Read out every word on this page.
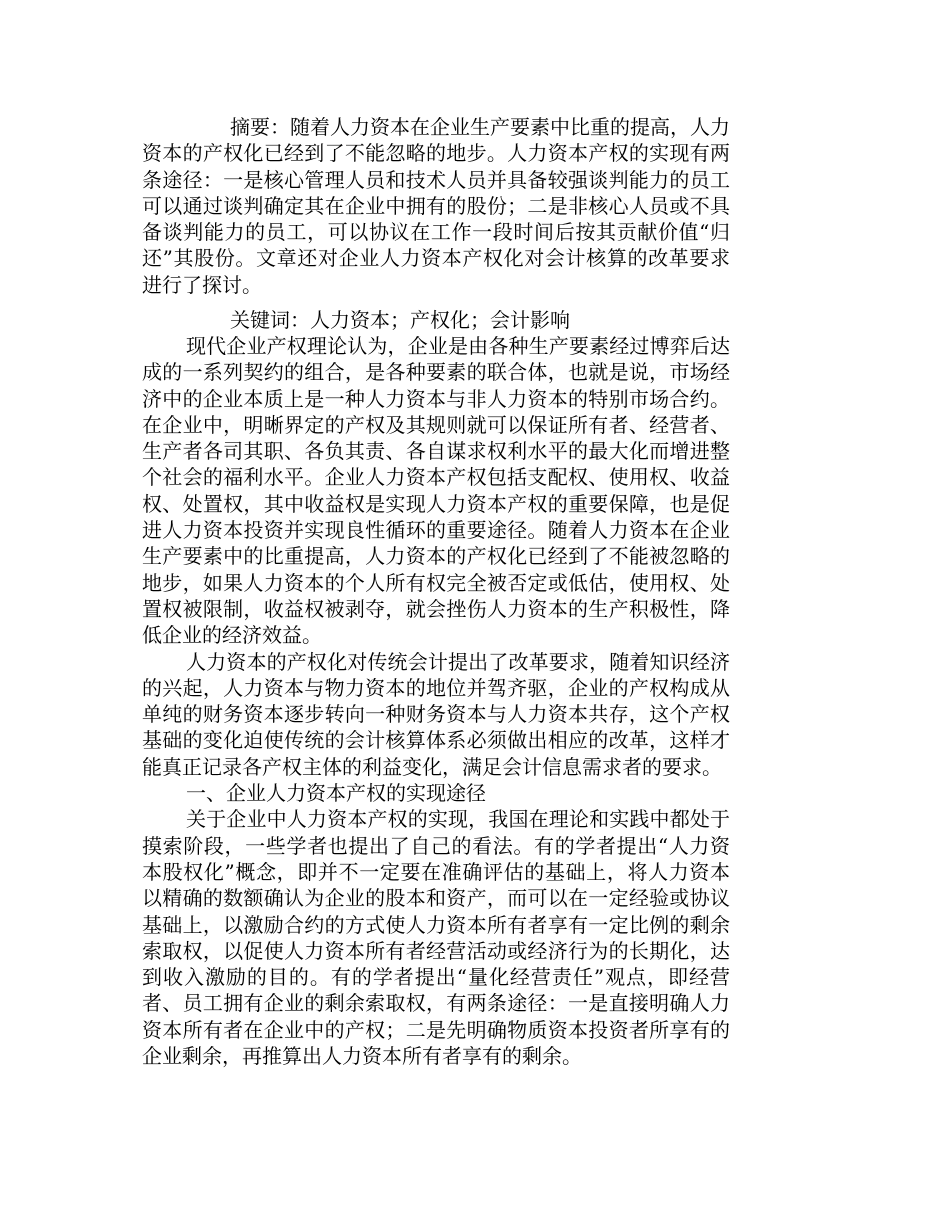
摘要：随着人力资本在企业生产要素中比重的提高，人力资本的产权化已经到了不能忽略的地步。人力资本产权的实现有两条途径：一是核心管理人员和技术人员并具备较强谈判能力的员工可以通过谈判确定其在企业中拥有的股份；二是非核心人员或不具备谈判能力的员工，可以协议在工作一段时间后按其贡献价值“归还”其股份。文章还对企业人力资本产权化对会计核算的改革要求进行了探讨。
关键词：人力资本；产权化；会计影响

现代企业产权理论认为，企业是由各种生产要素经过博弈后达成的一系列契约的组合，是各种要素的联合体，也就是说，市场经济中的企业本质上是一种人力资本与非人力资本的特别市场合约。在企业中，明晰界定的产权及其规则就可以保证所有者、经营者、生产者各司其职、各负其责、各自谋求权利水平的最大化而增进整个社会的福利水平。企业人力资本产权包括支配权、使用权、收益权、处置权，其中收益权是实现人力资本产权的重要保障，也是促进人力资本投资并实现良性循环的重要途径。随着人力资本在企业生产要素中的比重提高，人力资本的产权化已经到了不能被忽略的地步，如果人力资本的个人所有权完全被否定或低估，使用权、处置权被限制，收益权被剥夺，就会挫伤人力资本的生产积极性，降低企业的经济效益。

人力资本的产权化对传统会计提出了改革要求，随着知识经济的兴起，人力资本与物力资本的地位并驾齐驱，企业的产权构成从单纯的财务资本逐步转向一种财务资本与人力资本共存，这个产权基础的变化迫使传统的会计核算体系必须做出相应的改革，这样才能真正记录各产权主体的利益变化，满足会计信息需求者的要求。

一、企业人力资本产权的实现途径

关于企业中人力资本产权的实现，我国在理论和实践中都处于摸索阶段，一些学者也提出了自己的看法。有的学者提出“人力资本股权化”概念，即并不一定要在准确评估的基础上，将人力资本以精确的数额确认为企业的股本和资产，而可以在一定经验或协议基础上，以激励合约的方式使人力资本所有者享有一定比例的剩余索取权，以促使人力资本所有者经营活动或经济行为的长期化，达到收入激励的目的。有的学者提出“量化经营责任”观点，即经营者、员工拥有企业的剩余索取权，有两条途径：一是直接明确人力资本所有者在企业中的产权；二是先明确物质资本投资者所享有的企业剩余，再推算出人力资本所有者享有的剩余。
